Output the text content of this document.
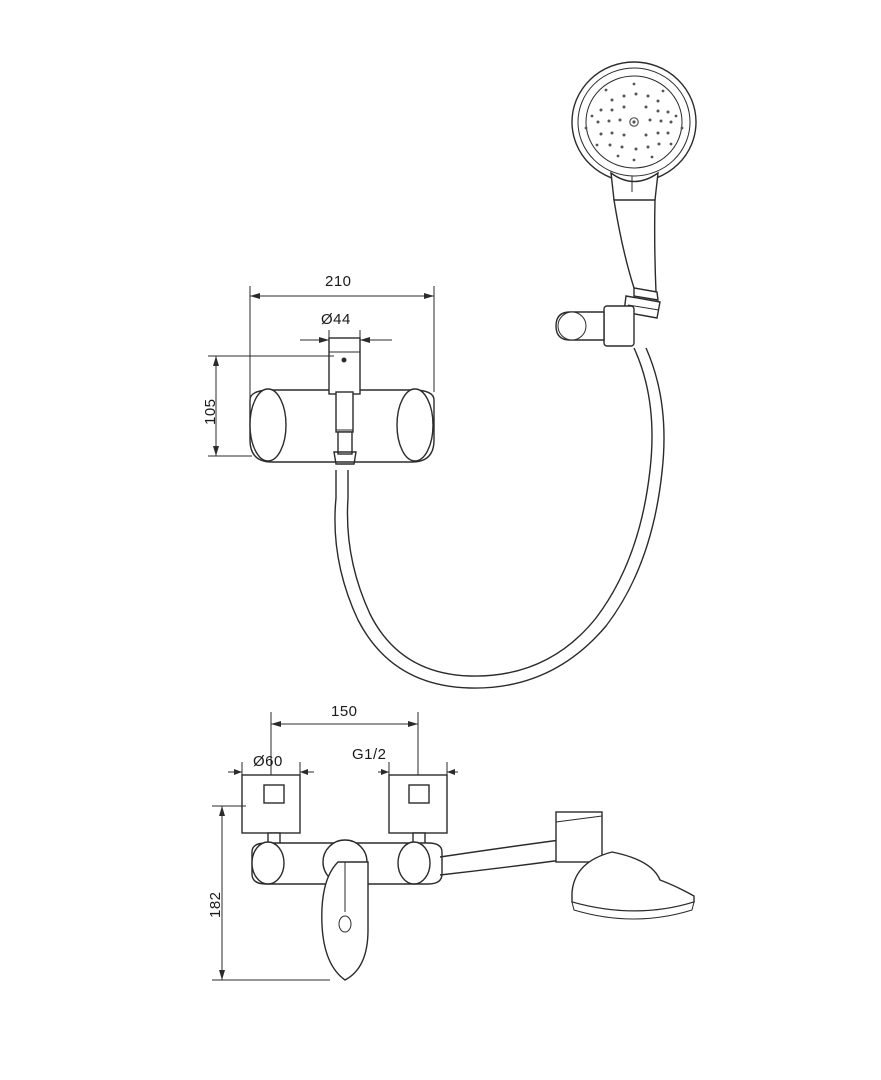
210
Ø44
105
150
Ø60	G1/2
182
